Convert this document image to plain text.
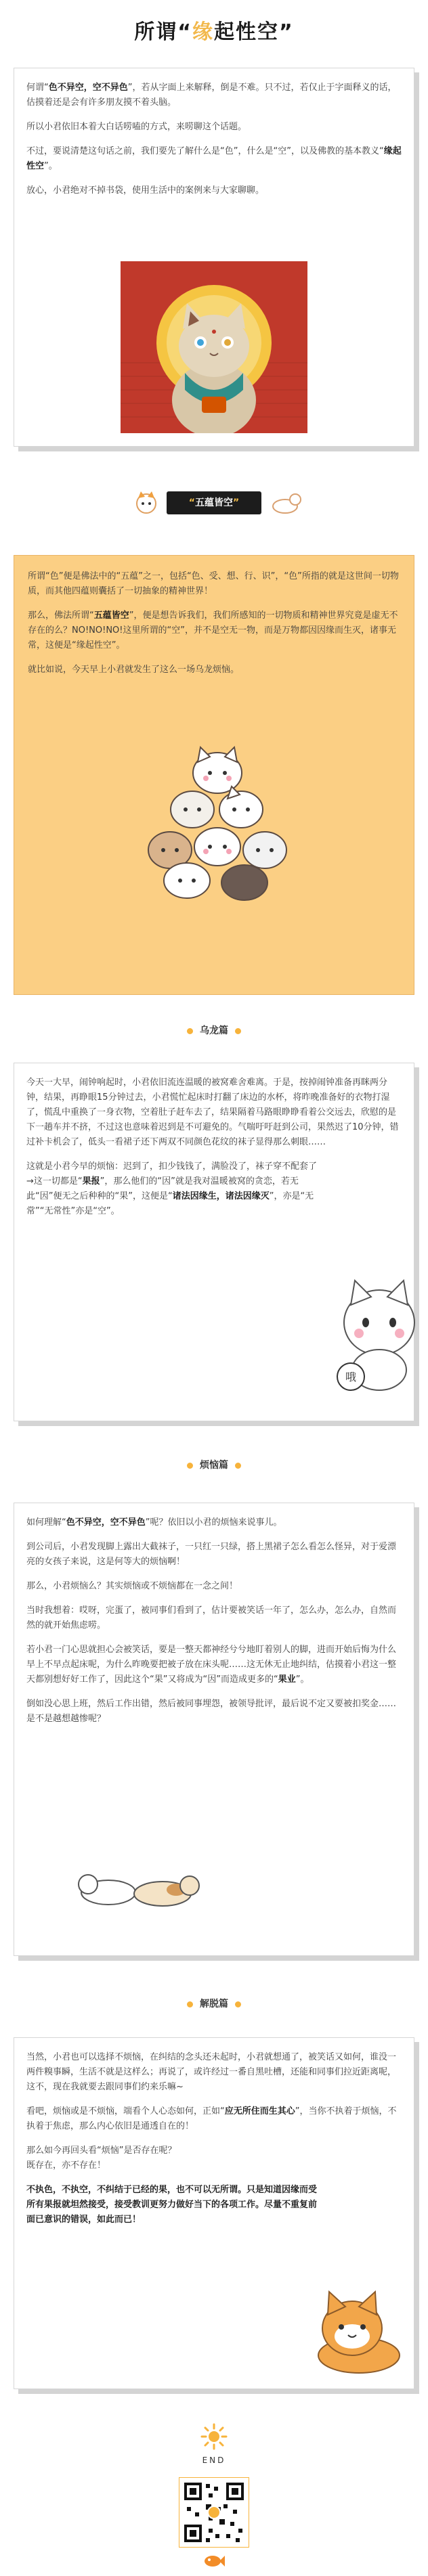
所谓“缘起性空”

何谓“色不异空，空不异色”，若从字面上来解释，倒是不难。只不过，若仅止于字面释义的话，估摸着还是会有许多朋友摸不着头脑。

所以小君依旧本着大白话唠嗑的方式，来唠聊这个话题。

不过，要说清楚这句话之前，我们要先了解什么是“色”，什么是“空”，以及佛教的基本教义“缘起性空”。

放心，小君绝对不掉书袋，使用生活中的案例来与大家聊聊。

“五蕴皆空”

所谓“色”便是佛法中的“五蕴”之一，包括“色、受、想、行、识”，“色”所指的就是这世间一切物质，而其他四蕴则囊括了一切抽象的精神世界！

那么，佛法所谓“五蕴皆空”，便是想告诉我们，我们所感知的一切物质和精神世界究竟是虚无不存在的么？NO!NO!NO!这里所谓的“空”，并不是空无一物，而是万物都因因缘而生灭，诸事无常，这便是“缘起性空”。

就比如说，今天早上小君就发生了这么一场乌龙烦恼。

乌龙篇

今天一大早，闹钟响起时，小君依旧流连温暖的被窝难舍难离。于是，按掉闹钟准备再眯两分钟，结果，再睁眼15分钟过去，小君慌忙起床时打翻了床边的水杯，将昨晚准备好的衣物打湿了，慌乱中重换了一身衣物，空着肚子赶车去了，结果隔着马路眼睁睁看着公交远去，欣慰的是下一趟车并不挤，不过这也意味着迟到是不可避免的。气喘吁吁赶到公司，果然迟了10分钟，错过补卡机会了，低头一看裙子还下两双不同颜色花纹的袜子显得那么刺眼……

这就是小君今早的烦恼：迟到了，扣少钱钱了，满脸没了，袜子穿不配套了→这一切都是“果报”，那么他们的“因”就是我对温暖被窝的贪恋，若无此“因”便无之后种种的“果”，这便是“诸法因缘生，诸法因缘灭”，亦是“无常”“无常性”亦是“空”。

哦
烦恼篇

如何理解“色不异空，空不异色”呢？依旧以小君的烦恼来说事儿。

到公司后，小君发现脚上露出大截袜子，一只红一只绿，搭上黑裙子怎么看怎么怪异，对于爱漂亮的女孩子来说，这是何等大的烦恼啊！

那么，小君烦恼么？其实烦恼或不烦恼都在一念之间！

当时我想着：哎呀，完蛋了，被同事们看到了，估计要被笑话一年了，怎么办，怎么办，自然而然的就开始焦虑唠。

若小君一门心思就担心会被笑话，要是一整天都神经兮兮地盯着别人的脚，进而开始后悔为什么早上不早点起床呢，为什么昨晚要把被子放在床头呢……这无休无止地纠结，估摸着小君这一整天都别想好好工作了，因此这个“果”又将成为“因”而造成更多的“果业”。

倒如没心思上班，然后工作出错，然后被同事埋怨，被领导批评，最后说不定又要被扣奖金……是不是越想越惨呢？

解脱篇

当然，小君也可以选择不烦恼，在纠结的念头还未起时，小君就想通了，被笑话又如何，谁没一两件糗事瞬，生活不就是这样么；再说了，或许经过一番自黑吐槽，还能和同事们拉近距离呢，这不，现在我就要去跟同事们约来乐嘛~

看吧，烦恼或是不烦恼，端看个人心态如何，正如“应无所住而生其心”，当你不执着于烦恼，不执着于焦虑，那么内心依旧是通透自在的！

那么如今再回头看“烦恼”是否存在呢？
既存在，亦不存在！

不执色，不执空，不纠结于已经的果，也不可以无所谓。只是知道因缘而受所有果报就坦然接受，接受教训更努力做好当下的各项工作。尽量不重复前面已意识的错误，如此而已！

END
